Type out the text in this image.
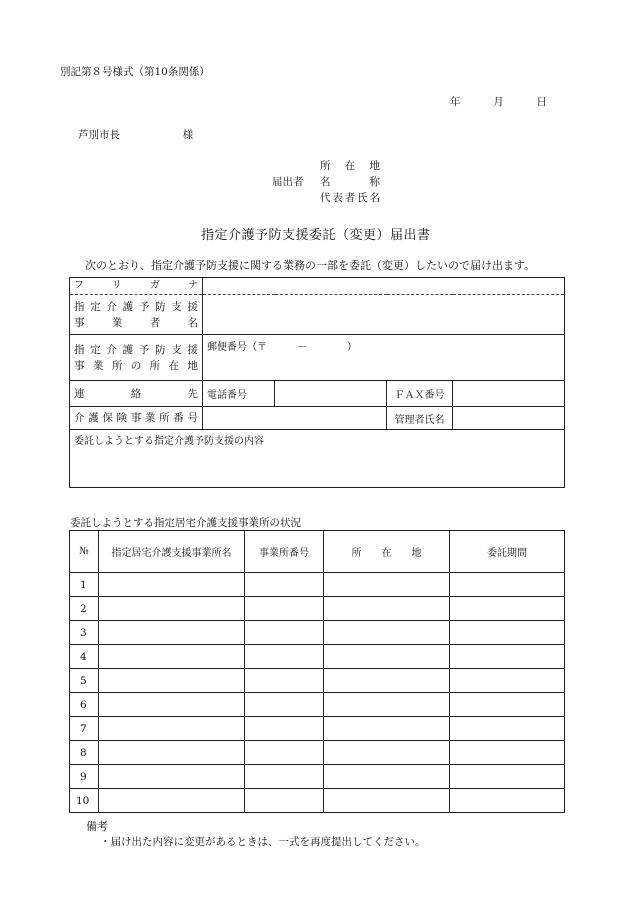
別記第８号様式（第10条関係）
年	月	日
芦別市長	様
所　在　地
届出者	名　　　称
代表者氏名
指定介護予防支援委託（変更）届出書
次のとおり、指定介護予防支援に関する業務の一部を委託（変更）したいので届け出ます。
フリガナ				

指定介護予防支援
事業者名				

指定介護予防支援
事業所の所在地	郵便番号（〒　　　－　　　　）			
連絡先	電話番号		ＦＡＸ番号	
介護保険事業所番号			管理者氏名	
委託しようとする指定介護予防支援の内容				
委託しようとする指定居宅介護支援事業所の状況
№	指定居宅介護支援事業所名	事業所番号	所　　在　　地	委託期間
1				
2				
3				
4				
5				
6				
7				
8				
9				
10				
備考
・届け出た内容に変更があるときは、一式を再度提出してください。
